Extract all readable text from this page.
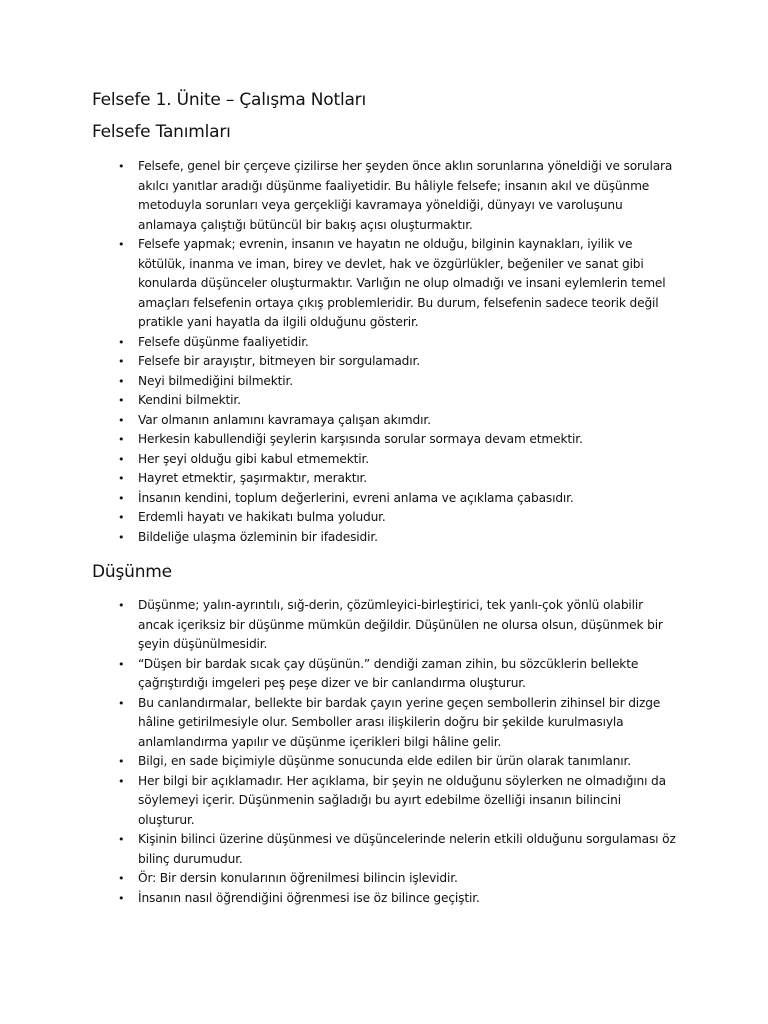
Felsefe 1. Ünite – Çalışma Notları
Felsefe Tanımları
• Felsefe, genel bir çerçeve çizilirse her şeyden önce aklın sorunlarına yöneldiği ve sorulara akılcı yanıtlar aradığı düşünme faaliyetidir. Bu hâliyle felsefe; insanın akıl ve düşünme metoduyla sorunları veya gerçekliği kavramaya yöneldiği, dünyayı ve varoluşunu anlamaya çalıştığı bütüncül bir bakış açısı oluşturmaktır.
• Felsefe yapmak; evrenin, insanın ve hayatın ne olduğu, bilginin kaynakları, iyilik ve kötülük, inanma ve iman, birey ve devlet, hak ve özgürlükler, beğeniler ve sanat gibi konularda düşünceler oluşturmaktır. Varlığın ne olup olmadığı ve insani eylemlerin temel amaçları felsefenin ortaya çıkış problemleridir. Bu durum, felsefenin sadece teorik değil pratikle yani hayatla da ilgili olduğunu gösterir.
• Felsefe düşünme faaliyetidir.
• Felsefe bir arayıştır, bitmeyen bir sorgulamadır.
• Neyi bilmediğini bilmektir.
• Kendini bilmektir.
• Var olmanın anlamını kavramaya çalışan akımdır.
• Herkesin kabullendiği şeylerin karşısında sorular sormaya devam etmektir.
• Her şeyi olduğu gibi kabul etmemektir.
• Hayret etmektir, şaşırmaktır, meraktır.
• İnsanın kendini, toplum değerlerini, evreni anlama ve açıklama çabasıdır.
• Erdemli hayatı ve hakikatı bulma yoludur.
• Bildeliğe ulaşma özleminin bir ifadesidir.
Düşünme
• Düşünme; yalın-ayrıntılı, sığ-derin, çözümleyici-birleştirici, tek yanlı-çok yönlü olabilir ancak içeriksiz bir düşünme mümkün değildir. Düşünülen ne olursa olsun, düşünmek bir şeyin düşünülmesidir.
• “Düşen bir bardak sıcak çay düşünün.” dendiği zaman zihin, bu sözcüklerin bellekte çağrıştırdığı imgeleri peş peşe dizer ve bir canlandırma oluşturur.
• Bu canlandırmalar, bellekte bir bardak çayın yerine geçen sembollerin zihinsel bir dizge hâline getirilmesiyle olur. Semboller arası ilişkilerin doğru bir şekilde kurulmasıyla anlamlandırma yapılır ve düşünme içerikleri bilgi hâline gelir.
• Bilgi, en sade biçimiyle düşünme sonucunda elde edilen bir ürün olarak tanımlanır.
• Her bilgi bir açıklamadır. Her açıklama, bir şeyin ne olduğunu söylerken ne olmadığını da söylemeyi içerir. Düşünmenin sağladığı bu ayırt edebilme özelliği insanın bilincini oluşturur.
• Kişinin bilinci üzerine düşünmesi ve düşüncelerinde nelerin etkili olduğunu sorgulaması öz bilinç durumudur.
• Ör: Bir dersin konularının öğrenilmesi bilincin işlevidir.
• İnsanın nasıl öğrendiğini öğrenmesi ise öz bilince geçiştir.
